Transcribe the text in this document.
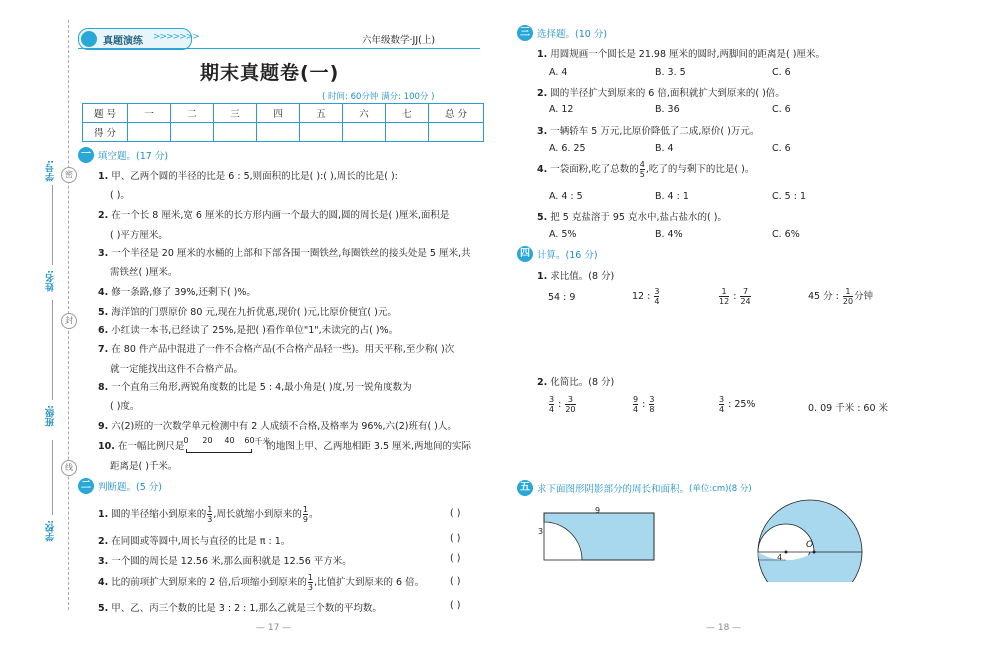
学号:
姓名:
班级:
学校:
密
封
线
真题演练 >>>>>>>	六年级数学·JJ(上)
期末真题卷(一)
( 时间: 60分钟 满分: 100分 )
题 号	一	二	三	四	五	六	七	总 分
得 分								
一 填空题。(17 分)
1. 甲、乙两个圆的半径的比是 6 : 5,则面积的比是( ):( ),周长的比是( ):
( )。
2. 在一个长 8 厘米,宽 6 厘米的长方形内画一个最大的圆,圆的周长是( )厘米,面积是
( )平方厘米。
3. 一个半径是 20 厘米的水桶的上部和下部各围一圈铁丝,每圈铁丝的接头处是 5 厘米,共
需铁丝( )厘米。
4. 修一条路,修了 39%,还剩下( )%。
5. 海洋馆的门票原价 80 元,现在九折优惠,现价( )元,比原价便宜( )元。
6. 小红读一本书,已经读了 25%,是把( )看作单位"1",未读完的占( )%。
7. 在 80 件产品中混进了一件不合格产品(不合格产品轻一些)。用天平称,至少称( )次
就一定能找出这件不合格产品。
8. 一个直角三角形,两锐角度数的比是 5 : 4,最小角是( )度,另一锐角度数为
( )度。
9. 六(2)班的一次数学单元检测中有 2 人成绩不合格,及格率为 96%,六(2)班有( )人。
10. 在一幅比例尺是
0 20 40 60 千米
的地图上甲、乙两地相距 3.5 厘米,两地间的实际
距离是( )千米。
二 判断题。(5 分)
1. 圆的半径缩小到原来的 $\frac{1}{3}$ ,周长就缩小到原来的 $\frac{1}{9}$ 。
2. 在同圆或等圆中,周长与直径的比是 π : 1。
3. 一个圆的周长是 12.56 米,那么面积就是 12.56 平方米。
4. 比的前项扩大到原来的 2 倍,后项缩小到原来的 $\frac{1}{3}$ ,比值扩大到原来的 6 倍。
5. 甲、乙、丙三个数的比是 3 : 2 : 1,那么乙就是三个数的平均数。
( )
( )
( )
( )
( )
— 17 —
三 选择题。(10 分)
1. 用圆规画一个圆长是 21.98 厘米的圆时,两脚间的距离是( )厘米。
A. 4	B. 3. 5	C. 6
2. 圆的半径扩大到原来的 6 倍,面积就扩大到原来的( )倍。
A. 12	B. 36	C. 6
3. 一辆轿车 5 万元,比原价降低了二成,原价( )万元。
A. 6. 25	B. 4	C. 6
4. 一袋面粉,吃了总数的 $\frac{4}{5}$ ,吃了的与剩下的比是( )。
A. 4 : 5	B. 4 : 1	C. 5 : 1
5. 把 5 克盐溶于 95 克水中,盐占盐水的( )。
A. 5%	B. 4%	C. 6%
四 计算。(16 分)
1. 求比值。(8 分)
54 : 9	12 : $\frac{3}{4}$	$\frac{1}{12}$ : $\frac{7}{24}$	45 分 : $\frac{1}{20}$ 分钟
2. 化简比。(8 分)
$\frac{3}{4}$ : $\frac{3}{20}$	$\frac{9}{4}$ : $\frac{3}{8}$	$\frac{3}{4}$ : 25%	0. 09 千米 : 60 米
五 求下面图形阴影部分的周长和面积。(单位:cm)(8 分)
9
3
O
4
— 18 —
